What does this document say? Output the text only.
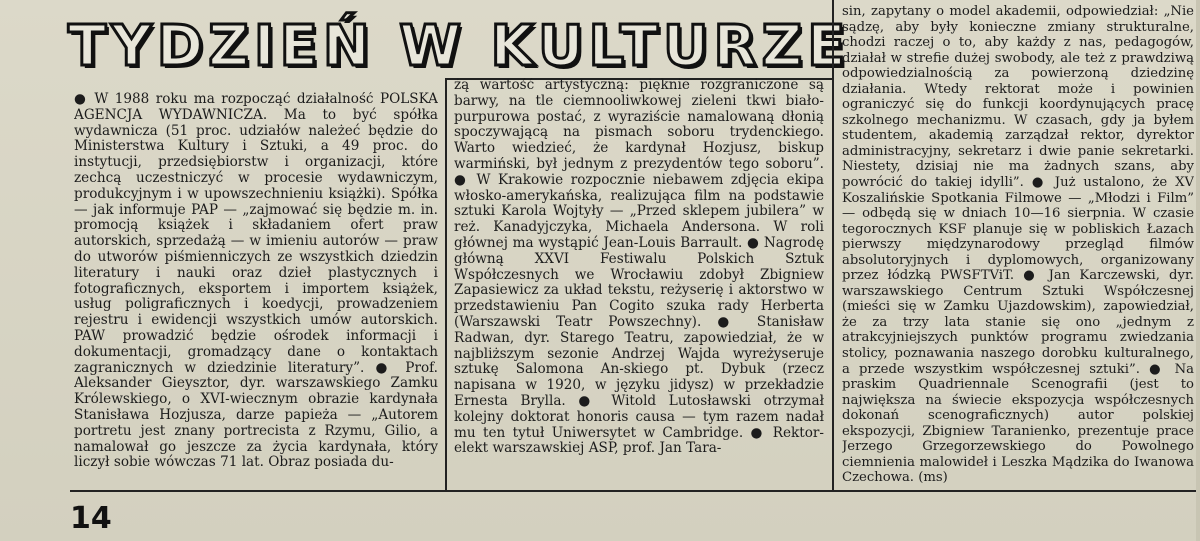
TYDZIEŃ W KULTURZE

● W 1988 roku ma rozpocząć działalność POLSKA AGENCJA WYDAWNICZA. Ma to być spółka wydawnicza (51 proc. udziałów należeć będzie do Ministerstwa Kultury i Sztuki, a 49 proc. do instytucji, przedsiębiorstw i organizacji, które zechcą uczestniczyć w procesie wydawniczym, produkcyjnym i w upowszechnieniu książki). Spółka — jak informuje PAP — „zajmować się będzie m. in. promocją książek i składaniem ofert praw autorskich, sprzedażą — w imieniu autorów — praw do utworów piśmienniczych ze wszystkich dziedzin literatury i nauki oraz dzieł plastycznych i fotograficznych, eksportem i importem książek, usług poligraficznych i koedycji, prowadzeniem rejestru i ewidencji wszystkich umów autorskich. PAW prowadzić będzie ośrodek informacji i dokumentacji, gromadzący dane o kontaktach zagranicznych w dziedzinie literatury”. ● Prof. Aleksander Gieysztor, dyr. warszawskiego Zamku Królewskiego, o XVI-wiecznym obrazie kardynała Stanisława Hozjusza, darze papieża — „Autorem portretu jest znany portrecista z Rzymu, Gilio, a namalował go jeszcze za życia kardynała, który liczył sobie wówczas 71 lat. Obraz posiada du-

żą wartość artystyczną: pięknie rozgraniczone są barwy, na tle ciemnooliwkowej zieleni tkwi biało-purpurowa postać, z wyraziście namalowaną dłonią spoczywającą na pismach soboru trydenckiego. Warto wiedzieć, że kardynał Hozjusz, biskup warmiński, był jednym z prezydentów tego soboru”. ● W Krakowie rozpocznie niebawem zdjęcia ekipa włosko-amerykańska, realizująca film na podstawie sztuki Karola Wojtyły — „Przed sklepem jubilera” w reż. Kanadyjczyka, Michaela Andersona. W roli głównej ma wystąpić Jean-Louis Barrault. ● Nagrodę główną XXVI Festiwalu Polskich Sztuk Współczesnych we Wrocławiu zdobył Zbigniew Zapasiewicz za układ tekstu, reżyserię i aktorstwo w przedstawieniu Pan Cogito szuka rady Herberta (Warszawski Teatr Powszechny). ● Stanisław Radwan, dyr. Starego Teatru, zapowiedział, że w najbliższym sezonie Andrzej Wajda wyreżyseruje sztukę Salomona An-skiego pt. Dybuk (rzecz napisana w 1920, w języku jidysz) w przekładzie Ernesta Brylla. ● Witold Lutosławski otrzymał kolejny doktorat honoris causa — tym razem nadał mu ten tytuł Uniwersytet w Cambridge. ● Rektor-elekt warszawskiej ASP, prof. Jan Tara-

sin, zapytany o model akademii, odpowiedział: „Nie sądzę, aby były konieczne zmiany strukturalne, chodzi raczej o to, aby każdy z nas, pedagogów, działał w strefie dużej swobody, ale też z prawdziwą odpowiedzialnością za powierzoną dziedzinę działania. Wtedy rektorat może i powinien ograniczyć się do funkcji koordynujących pracę szkolnego mechanizmu. W czasach, gdy ja byłem studentem, akademią zarządzał rektor, dyrektor administracyjny, sekretarz i dwie panie sekretarki. Niestety, dzisiaj nie ma żadnych szans, aby powrócić do takiej idylli”. ● Już ustalono, że XV Koszalińskie Spotkania Filmowe — „Młodzi i Film” — odbędą się w dniach 10—16 sierpnia. W czasie tegorocznych KSF planuje się w pobliskich Łazach pierwszy międzynarodowy przegląd filmów absolutoryjnych i dyplomowych, organizowany przez łódzką PWSFTViT. ● Jan Karczewski, dyr. warszawskiego Centrum Sztuki Współczesnej (mieści się w Zamku Ujazdowskim), zapowiedział, że za trzy lata stanie się ono „jednym z atrakcyjniejszych punktów programu zwiedzania stolicy, poznawania naszego dorobku kulturalnego, a przede wszystkim współczesnej sztuki”. ● Na praskim Quadriennale Scenografii (jest to największa na świecie ekspozycja współczesnych dokonań scenograficznych) autor polskiej ekspozycji, Zbigniew Taranienko, prezentuje prace Jerzego Grzegorzewskiego do Powolnego ciemnienia malowideł i Leszka Mądzika do Iwanowa Czechowa. (ms)

14
